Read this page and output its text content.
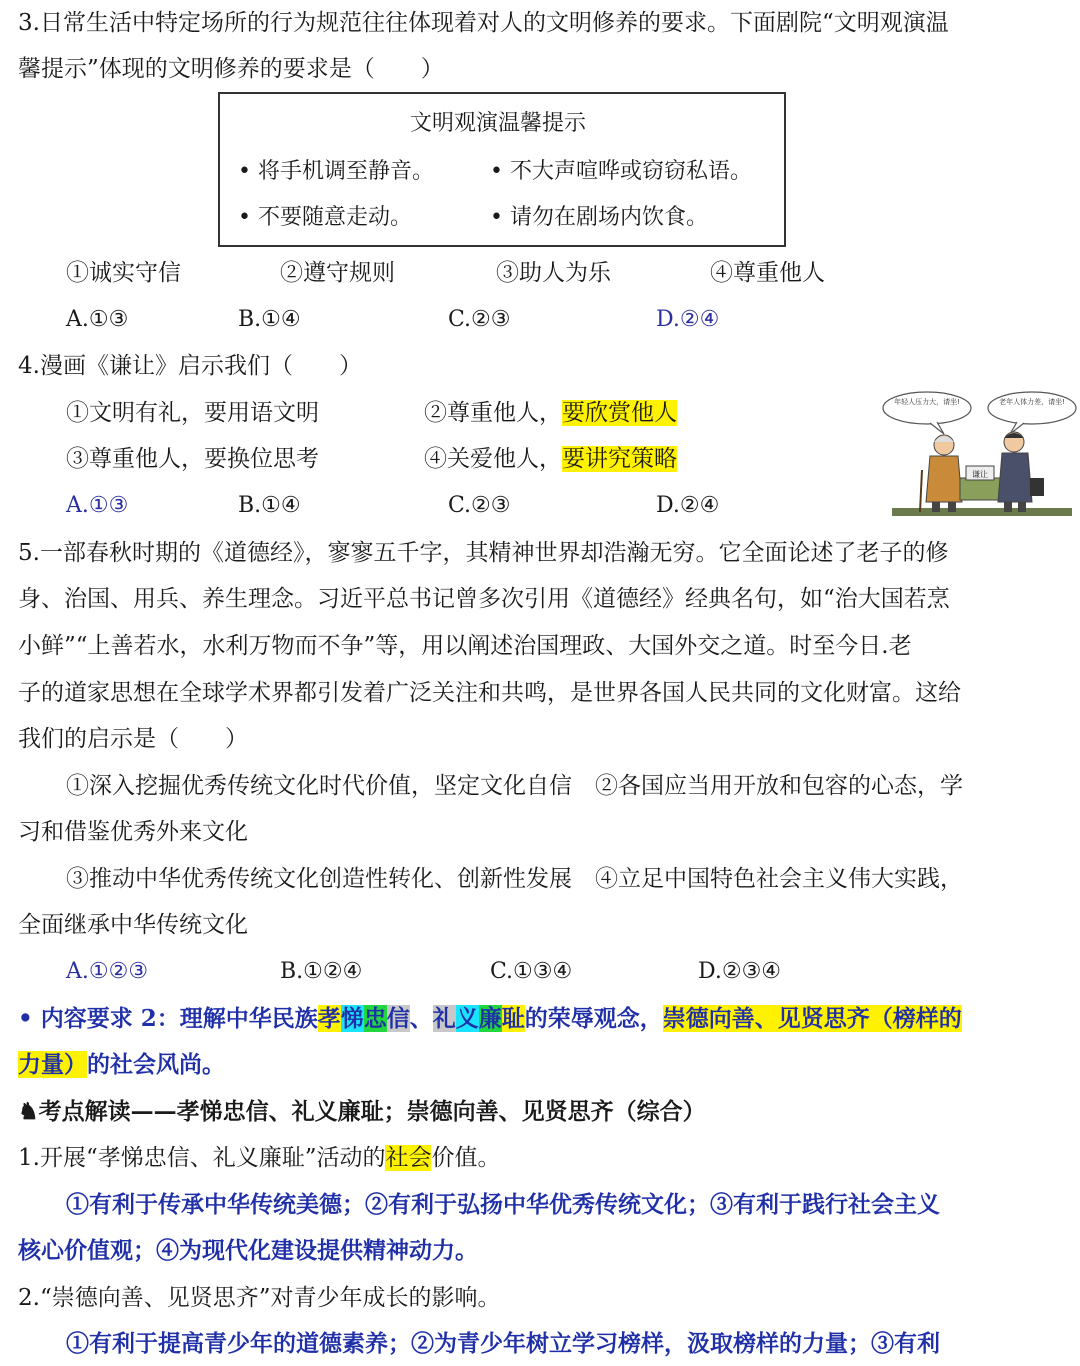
3.日常生活中特定场所的行为规范往往体现着对人的文明修养的要求。下面剧院“文明观演温
馨提示”体现的文明修养的要求是（　　）
文明观演温馨提示
• 将手机调至静音。	• 不大声喧哗或窃窃私语。
• 不要随意走动。	• 请勿在剧场内饮食。
①诚实守信	②遵守规则	③助人为乐	④尊重他人
A.①③	B.①④	C.②③	D.②④
4.漫画《谦让》启示我们（　　）
①文明有礼，要用语文明	②尊重他人，要欣赏他人
③尊重他人，要换位思考	④关爱他人，要讲究策略
A.①③	B.①④	C.②③	D.②④
年轻人压力大，请坐!	老年人体力差，请坐!
谦让
5.一部春秋时期的《道德经》，寥寥五千字，其精神世界却浩瀚无穷。它全面论述了老子的修
身、治国、用兵、养生理念。习近平总书记曾多次引用《道德经》经典名句，如“治大国若烹
小鲜”“上善若水，水利万物而不争”等，用以阐述治国理政、大国外交之道。时至今日.老
子的道家思想在全球学术界都引发着广泛关注和共鸣，是世界各国人民共同的文化财富。这给
我们的启示是（　　）
①深入挖掘优秀传统文化时代价值，坚定文化自信　②各国应当用开放和包容的心态，学
习和借鉴优秀外来文化
③推动中华优秀传统文化创造性转化、创新性发展　④立足中国特色社会主义伟大实践，
全面继承中华传统文化
A.①②③	B.①②④	C.①③④	D.②③④
• 内容要求 2：理解中华民族孝悌忠信、礼义廉耻的荣辱观念，崇德向善、见贤思齐（榜样的
力量）的社会风尚。
♞考点解读——孝悌忠信、礼义廉耻；崇德向善、见贤思齐（综合）
1.开展“孝悌忠信、礼义廉耻”活动的社会价值。
①有利于传承中华传统美德；②有利于弘扬中华优秀传统文化；③有利于践行社会主义
核心价值观；④为现代化建设提供精神动力。
2.“崇德向善、见贤思齐”对青少年成长的影响。
①有利于提高青少年的道德素养；②为青少年树立学习榜样，汲取榜样的力量；③有利
